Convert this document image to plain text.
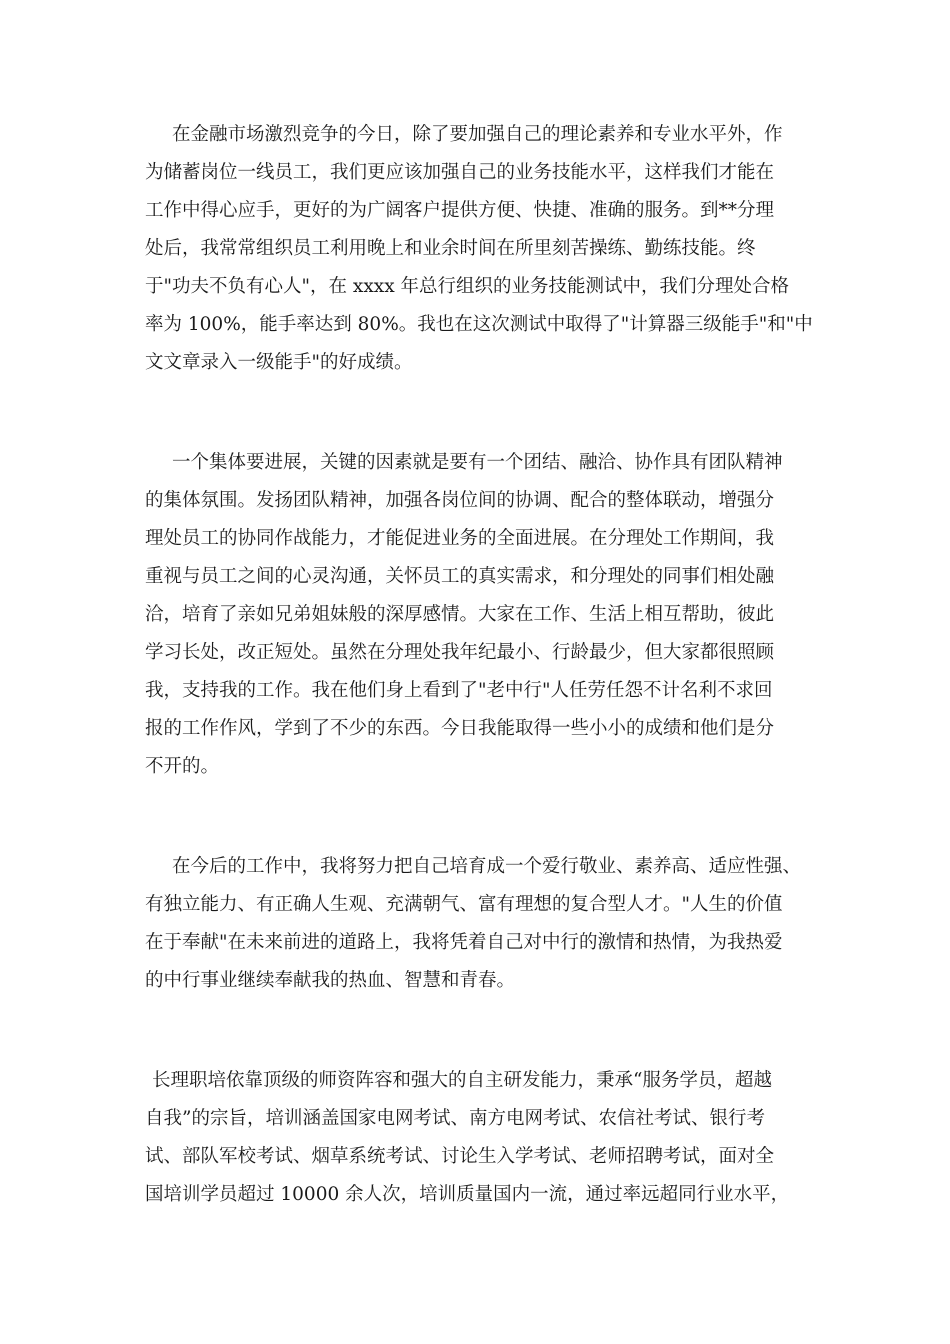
在金融市场激烈竞争的今日，除了要加强自己的理论素养和专业水平外，作
为储蓄岗位一线员工，我们更应该加强自己的业务技能水平，这样我们才能在
工作中得心应手，更好的为广阔客户提供方便、快捷、准确的服务。到**分理
处后，我常常组织员工利用晚上和业余时间在所里刻苦操练、勤练技能。终
于"功夫不负有心人"，在 xxxx 年总行组织的业务技能测试中，我们分理处合格
率为 100%，能手率达到 80%。我也在这次测试中取得了"计算器三级能手"和"中
文文章录入一级能手"的好成绩。
一个集体要进展，关键的因素就是要有一个团结、融洽、协作具有团队精神
的集体氛围。发扬团队精神，加强各岗位间的协调、配合的整体联动，增强分
理处员工的协同作战能力，才能促进业务的全面进展。在分理处工作期间，我
重视与员工之间的心灵沟通，关怀员工的真实需求，和分理处的同事们相处融
洽，培育了亲如兄弟姐妹般的深厚感情。大家在工作、生活上相互帮助，彼此
学习长处，改正短处。虽然在分理处我年纪最小、行龄最少，但大家都很照顾
我，支持我的工作。我在他们身上看到了"老中行"人任劳任怨不计名利不求回
报的工作作风，学到了不少的东西。今日我能取得一些小小的成绩和他们是分
不开的。
在今后的工作中，我将努力把自己培育成一个爱行敬业、素养高、适应性强、
有独立能力、有正确人生观、充满朝气、富有理想的复合型人才。"人生的价值
在于奉献"在未来前进的道路上，我将凭着自己对中行的激情和热情，为我热爱
的中行事业继续奉献我的热血、智慧和青春。
长理职培依靠顶级的师资阵容和强大的自主研发能力，秉承“服务学员，超越
自我”的宗旨，培训涵盖国家电网考试、南方电网考试、农信社考试、银行考
试、部队军校考试、烟草系统考试、讨论生入学考试、老师招聘考试，面对全
国培训学员超过 10000 余人次，培训质量国内一流，通过率远超同行业水平，
